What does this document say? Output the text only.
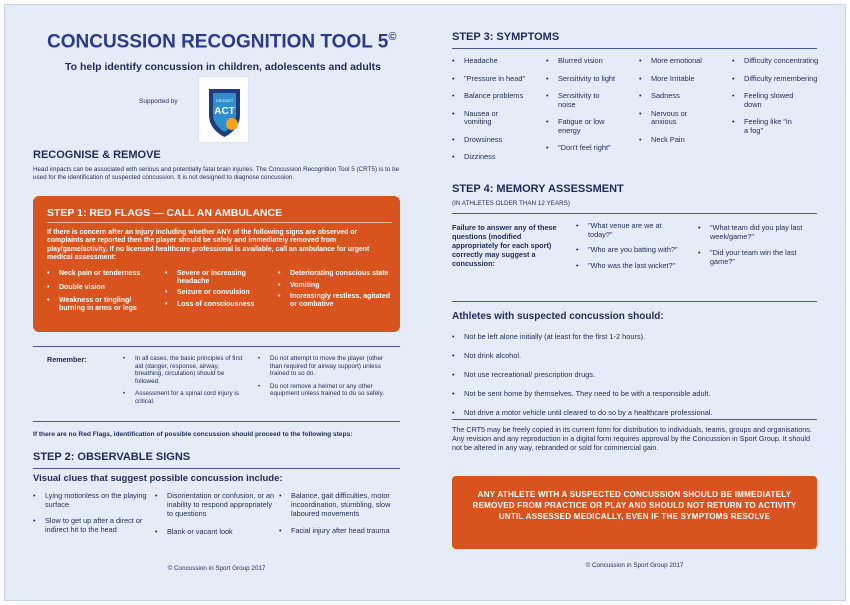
CONCUSSION RECOGNITION TOOL 5©
To help identify concussion in children, adolescents and adults
Supported by	CRICKET
ACT
RECOGNISE & REMOVE
Head impacts can be associated with serious and potentially fatal brain injuries. The Concussion Recognition Tool 5 (CRT5) is to be used for the identification of suspected concussion. It is not designed to diagnose concussion.
STEP 1: RED FLAGS — CALL AN AMBULANCE
If there is concern after an injury including whether ANY of the following signs are observed or complaints are reported then the player should be safely and immediately removed from play/game/activity. If no licensed healthcare professional is available, call an ambulance for urgent medical assessment:
• Neck pain or tenderness
• Double vision
• Weakness or tingling/ burning in arms or legs
• Severe or increasing headache
• Seizure or convulsion
• Loss of consciousness
• Deteriorating conscious state
• Vomiting
• Increasingly restless, agitated or combative
Remember:
•	In all cases, the basic principles of first aid (danger, response, airway, breathing, circulation) should be followed.
• Assessment for a spinal cord injury is critical.
• Do not attempt to move the player (other than required for airway support) unless trained to so do.
• Do not remove a helmet or any other equipment unless trained to do so safely.
If there are no Red Flags, identification of possible concussion should proceed to the following steps:
STEP 2: OBSERVABLE SIGNS
Visual clues that suggest possible concussion include:
• Lying motionless on the playing surface
• Slow to get up after a direct or indirect hit to the head
• Disorientation or confusion, or an inability to respond appropriately to questions
• Blank or vacant look
• Balance, gait difficulties, motor incoordination, stumbling, slow laboured movements
• Facial injury after head trauma
© Concussion in Sport Group 2017
STEP 3: SYMPTOMS
• Headache
• "Pressure in head"
• Balance problems
• Nausea or vomiting
• Drowsiness
• Dizziness
• Blurred vision
• Sensitivity to light
• Sensitivity to noise
• Fatigue or low energy
• "Don't feel right"
• More emotional
• More Irritable
• Sadness
• Nervous or anxious
• Neck Pain
• Difficulty concentrating
• Difficulty remembering
• Feeling slowed down
• Feeling like "in a fog"
STEP 4: MEMORY ASSESSMENT
(IN ATHLETES OLDER THAN 12 YEARS)
Failure to answer any of these questions (modified appropriately for each sport) correctly may suggest a concussion:
• "What venue are we at today?"
• "Who are you batting with?"
• "Who was the last wicket?"
• "What team did you play last week/game?"
• "Did your team win the last game?"
Athletes with suspected concussion should:
• Not be left alone initially (at least for the first 1-2 hours).
• Not drink alcohol.
• Not use recreational/ prescription drugs.
• Not be sent home by themselves. They need to be with a responsible adult.
• Not drive a motor vehicle until cleared to do so by a healthcare professional.
The CRT5 may be freely copied in its current form for distribution to individuals, teams, groups and organisations. Any revision and any reproduction in a digital form requires approval by the Concussion in Sport Group. It should not be altered in any way, rebranded or sold for commercial gain.
ANY ATHLETE WITH A SUSPECTED CONCUSSION SHOULD BE IMMEDIATELY REMOVED FROM PRACTICE OR PLAY AND SHOULD NOT RETURN TO ACTIVITY UNTIL ASSESSED MEDICALLY, EVEN IF THE SYMPTOMS RESOLVE
© Concussion in Sport Group 2017
